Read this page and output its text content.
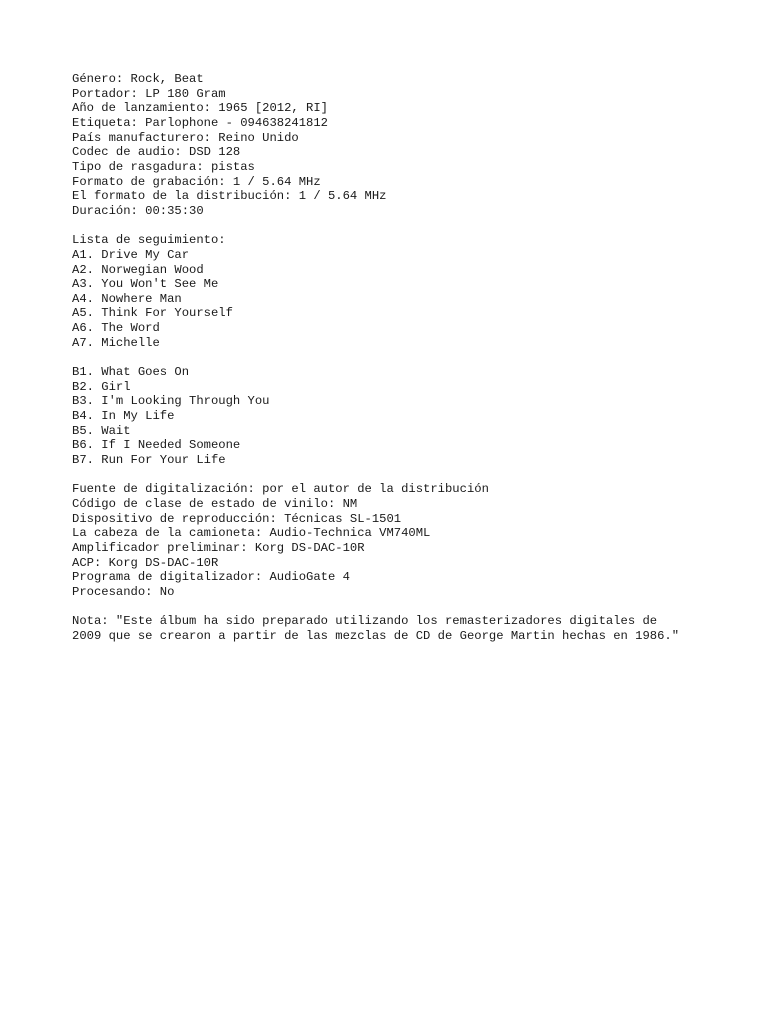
Género: Rock, Beat
Portador: LP 180 Gram
Año de lanzamiento: 1965 [2012, RI]
Etiqueta: Parlophone - 094638241812
País manufacturero: Reino Unido
Codec de audio: DSD 128
Tipo de rasgadura: pistas
Formato de grabación: 1 / 5.64 MHz
El formato de la distribución: 1 / 5.64 MHz
Duración: 00:35:30
Lista de seguimiento:
A1. Drive My Car
A2. Norwegian Wood
A3. You Won't See Me
A4. Nowhere Man
A5. Think For Yourself
A6. The Word
A7. Michelle
B1. What Goes On
B2. Girl
B3. I'm Looking Through You
B4. In My Life
B5. Wait
B6. If I Needed Someone
B7. Run For Your Life
Fuente de digitalización: por el autor de la distribución
Código de clase de estado de vinilo: NM
Dispositivo de reproducción: Técnicas SL-1501
La cabeza de la camioneta: Audio-Technica VM740ML
Amplificador preliminar: Korg DS-DAC-10R
ACP: Korg DS-DAC-10R
Programa de digitalizador: AudioGate 4
Procesando: No
Nota: "Este álbum ha sido preparado utilizando los remasterizadores digitales de
2009 que se crearon a partir de las mezclas de CD de George Martin hechas en 1986."
